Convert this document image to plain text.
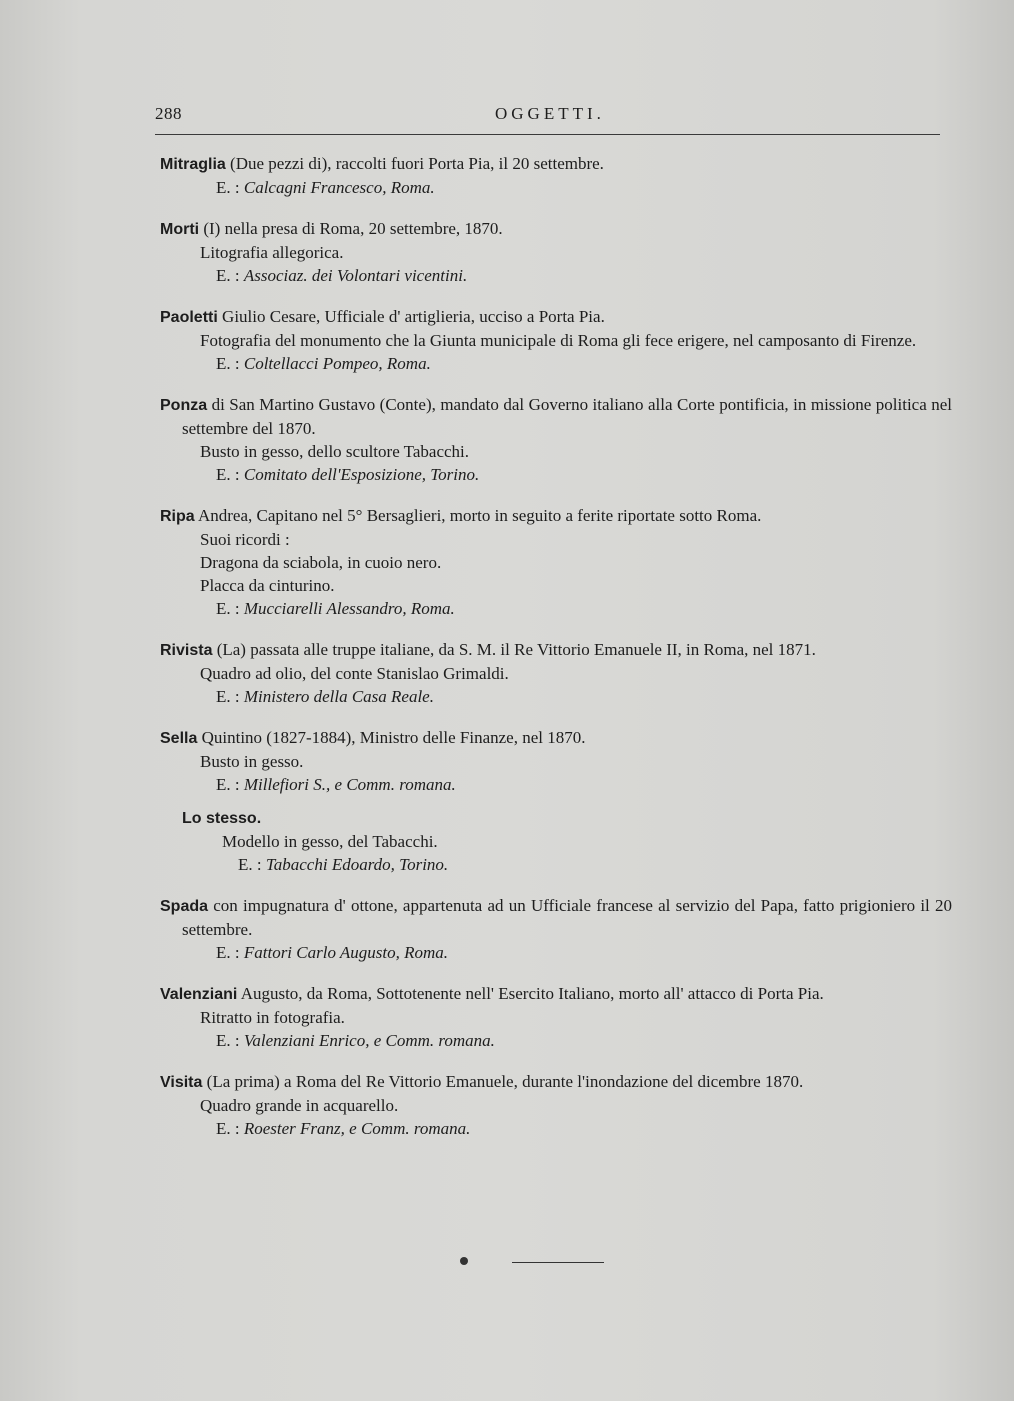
288	OGGETTI.
Mitraglia (Due pezzi di), raccolti fuori Porta Pia, il 20 settembre.
E. : Calcagni Francesco, Roma.
Morti (I) nella presa di Roma, 20 settembre, 1870.
Litografia allegorica.
E. : Associaz. dei Volontari vicentini.
Paoletti Giulio Cesare, Ufficiale d' artiglieria, ucciso a Porta Pia.
Fotografia del monumento che la Giunta municipale di Roma gli fece erigere, nel camposanto di Firenze.
E. : Coltellacci Pompeo, Roma.
Ponza di San Martino Gustavo (Conte), mandato dal Governo italiano alla Corte pontificia, in missione politica nel settembre del 1870.
Busto in gesso, dello scultore Tabacchi.
E. : Comitato dell'Esposizione, Torino.
Ripa Andrea, Capitano nel 5° Bersaglieri, morto in seguito a ferite riportate sotto Roma.
Suoi ricordi :
Dragona da sciabola, in cuoio nero.
Placca da cinturino.
E. : Mucciarelli Alessandro, Roma.
Rivista (La) passata alle truppe italiane, da S. M. il Re Vittorio Emanuele II, in Roma, nel 1871.
Quadro ad olio, del conte Stanislao Grimaldi.
E. : Ministero della Casa Reale.
Sella Quintino (1827-1884), Ministro delle Finanze, nel 1870.
Busto in gesso.
E. : Millefiori S., e Comm. romana.
Lo stesso.
Modello in gesso, del Tabacchi.
E. : Tabacchi Edoardo, Torino.
Spada con impugnatura d' ottone, appartenuta ad un Ufficiale francese al servizio del Papa, fatto prigioniero il 20 settembre.
E. : Fattori Carlo Augusto, Roma.
Valenziani Augusto, da Roma, Sottotenente nell' Esercito Italiano, morto all' attacco di Porta Pia.
Ritratto in fotografia.
E. : Valenziani Enrico, e Comm. romana.
Visita (La prima) a Roma del Re Vittorio Emanuele, durante l'inondazione del dicembre 1870.
Quadro grande in acquarello.
E. : Roester Franz, e Comm. romana.
